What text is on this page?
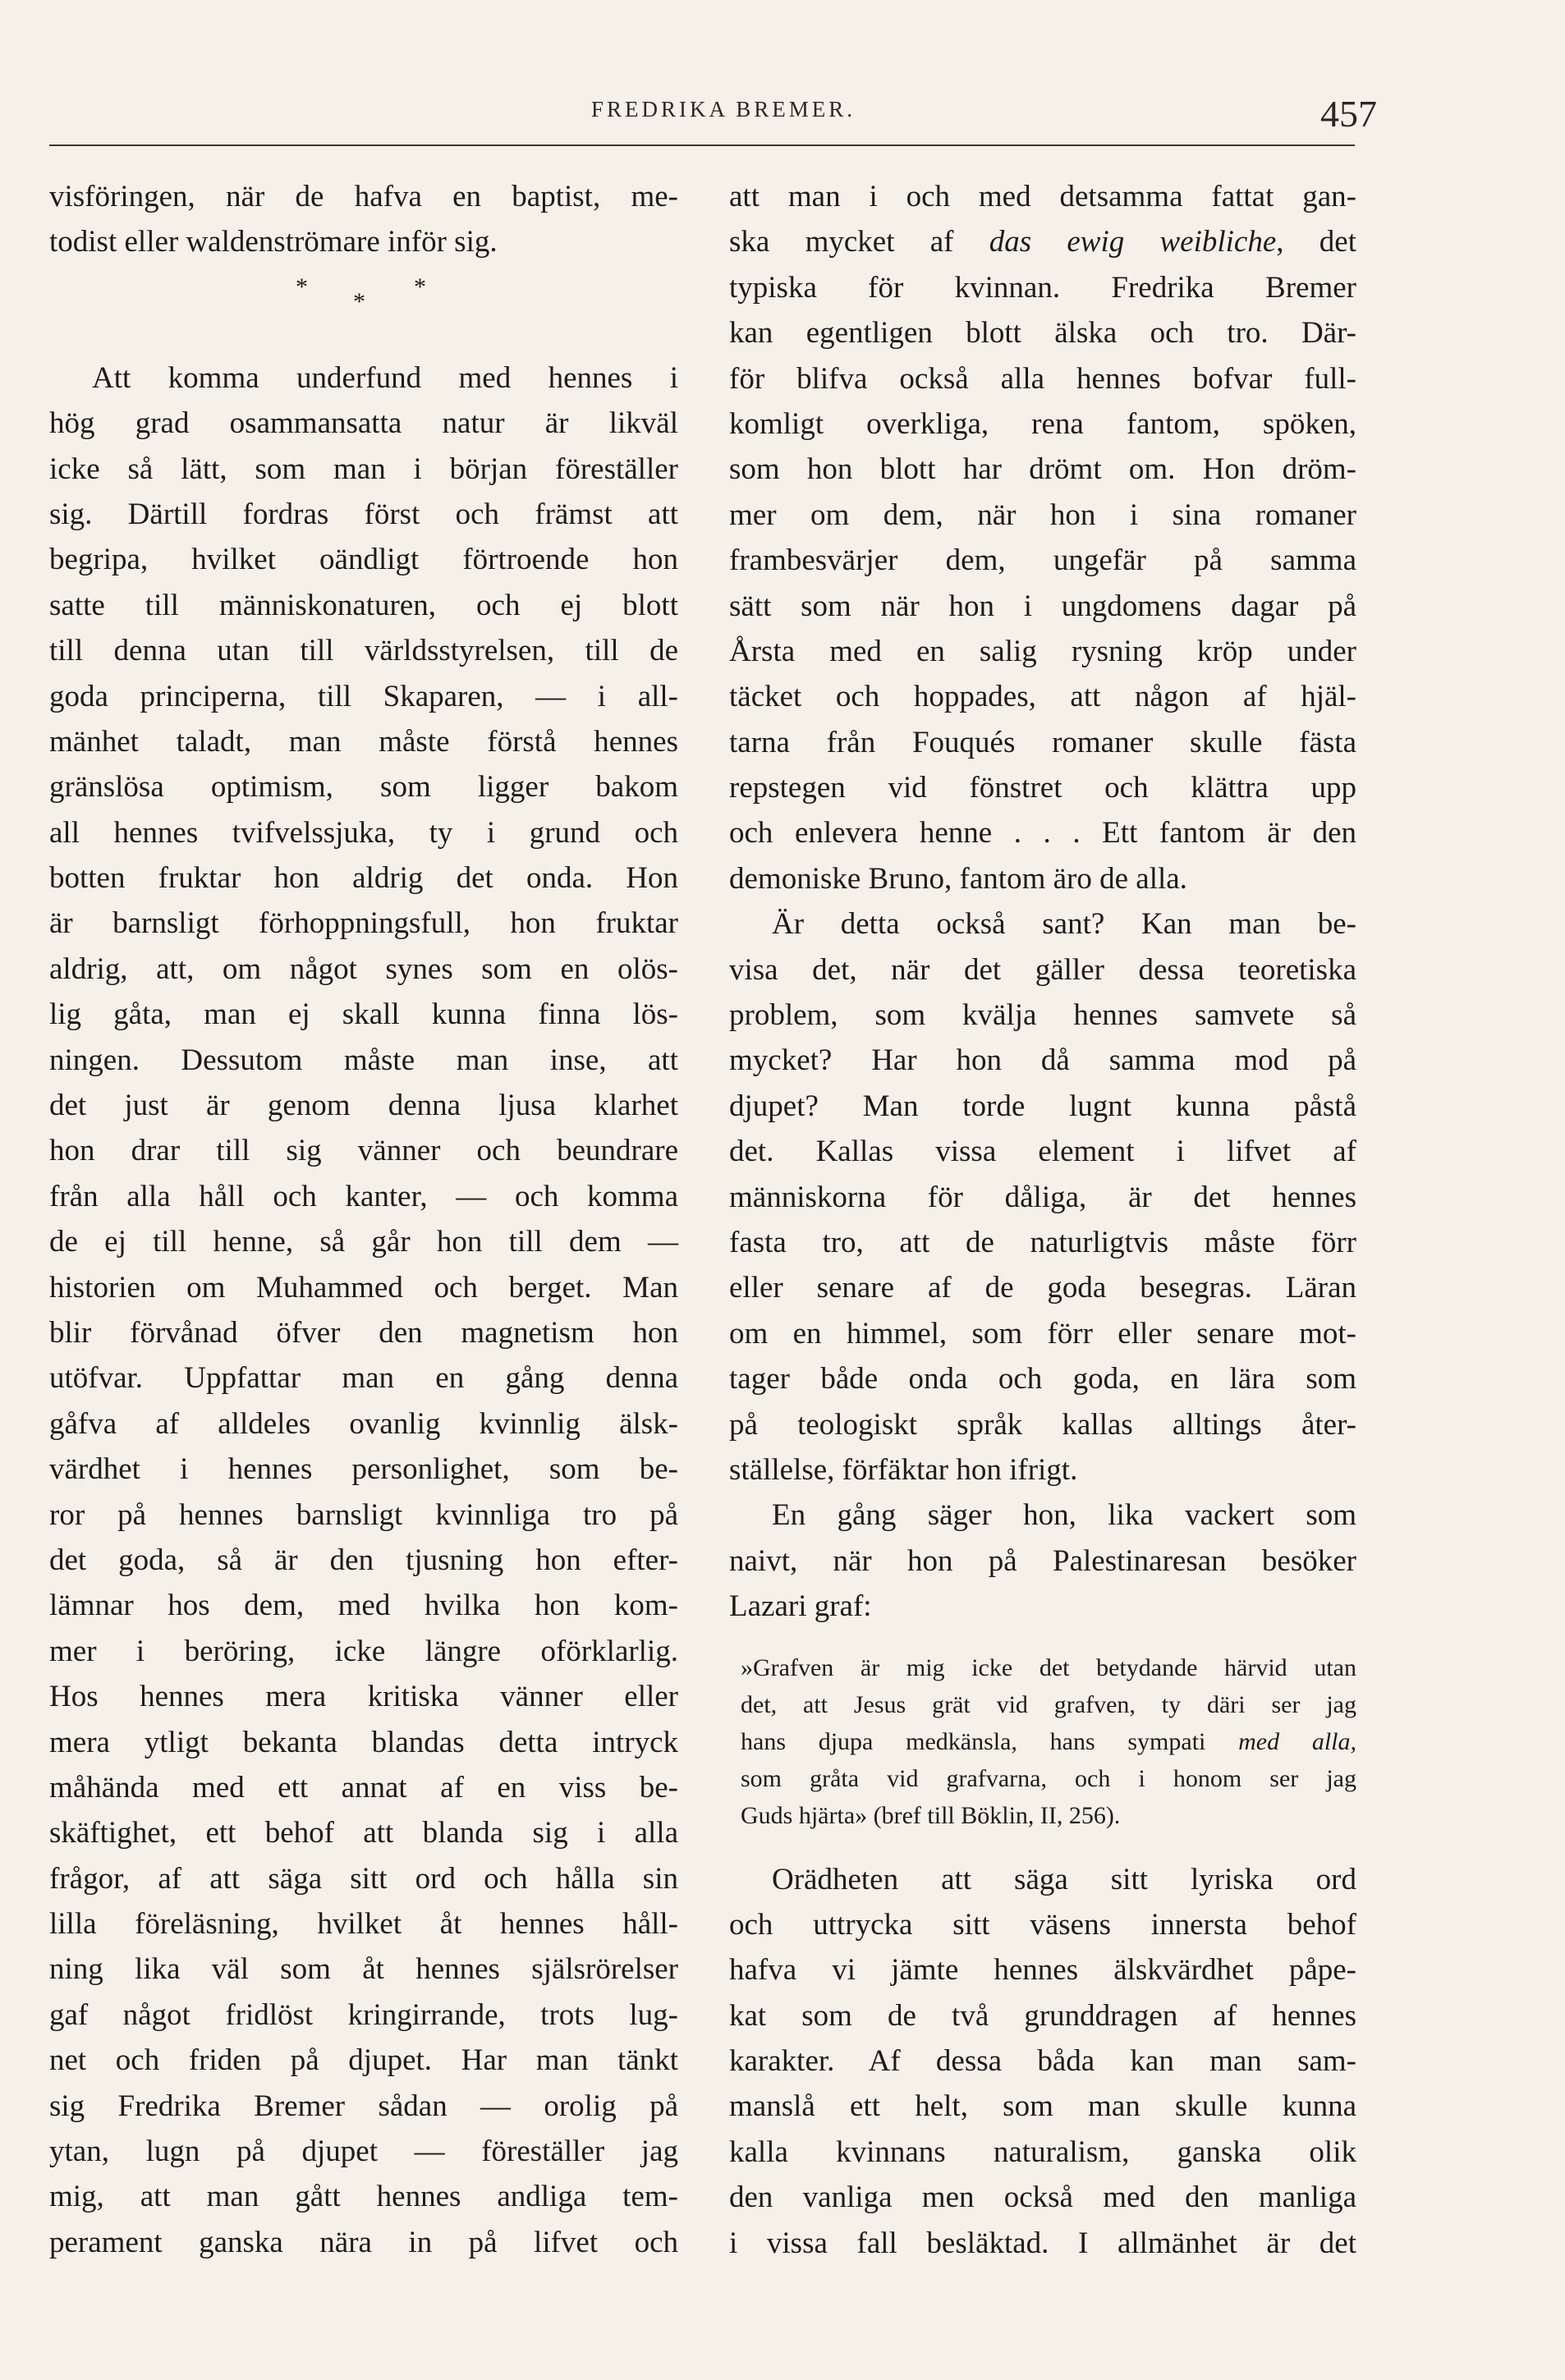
FREDRIKA BREMER.	457
visföringen, när de hafva en baptist, me-
todist eller waldenströmare inför sig.
*
*
*
Att komma underfund med hennes i
hög grad osammansatta natur är likväl
icke så lätt, som man i början föreställer
sig. Därtill fordras först och främst att
begripa, hvilket oändligt förtroende hon
satte till människonaturen, och ej blott
till denna utan till världsstyrelsen, till de
goda principerna, till Skaparen, — i all-
mänhet taladt, man måste förstå hennes
gränslösa optimism, som ligger bakom
all hennes tvifvelssjuka, ty i grund och
botten fruktar hon aldrig det onda. Hon
är barnsligt förhoppningsfull, hon fruktar
aldrig, att, om något synes som en olös-
lig gåta, man ej skall kunna finna lös-
ningen. Dessutom måste man inse, att
det just är genom denna ljusa klarhet
hon drar till sig vänner och beundrare
från alla håll och kanter, — och komma
de ej till henne, så går hon till dem —
historien om Muhammed och berget. Man
blir förvånad öfver den magnetism hon
utöfvar. Uppfattar man en gång denna
gåfva af alldeles ovanlig kvinnlig älsk-
värdhet i hennes personlighet, som be-
ror på hennes barnsligt kvinnliga tro på
det goda, så är den tjusning hon efter-
lämnar hos dem, med hvilka hon kom-
mer i beröring, icke längre oförklarlig.
Hos hennes mera kritiska vänner eller
mera ytligt bekanta blandas detta intryck
måhända med ett annat af en viss be-
skäftighet, ett behof att blanda sig i alla
frågor, af att säga sitt ord och hålla sin
lilla föreläsning, hvilket åt hennes håll-
ning lika väl som åt hennes själsrörelser
gaf något fridlöst kringirrande, trots lug-
net och friden på djupet. Har man tänkt
sig Fredrika Bremer sådan — orolig på
ytan, lugn på djupet — föreställer jag
mig, att man gått hennes andliga tem-
perament ganska nära in på lifvet och
att man i och med detsamma fattat gan-
ska mycket af das ewig weibliche, det
typiska för kvinnan. Fredrika Bremer
kan egentligen blott älska och tro. Där-
för blifva också alla hennes bofvar full-
komligt overkliga, rena fantom, spöken,
som hon blott har drömt om. Hon dröm-
mer om dem, när hon i sina romaner
frambesvärjer dem, ungefär på samma
sätt som när hon i ungdomens dagar på
Årsta med en salig rysning kröp under
täcket och hoppades, att någon af hjäl-
tarna från Fouqués romaner skulle fästa
repstegen vid fönstret och klättra upp
och enlevera henne . . . Ett fantom är den
demoniske Bruno, fantom äro de alla.
Är detta också sant? Kan man be-
visa det, när det gäller dessa teoretiska
problem, som kvälja hennes samvete så
mycket? Har hon då samma mod på
djupet? Man torde lugnt kunna påstå
det. Kallas vissa element i lifvet af
människorna för dåliga, är det hennes
fasta tro, att de naturligtvis måste förr
eller senare af de goda besegras. Läran
om en himmel, som förr eller senare mot-
tager både onda och goda, en lära som
på teologiskt språk kallas alltings åter-
ställelse, förfäktar hon ifrigt.
En gång säger hon, lika vackert som
naivt, när hon på Palestinaresan besöker
Lazari graf:
»Grafven är mig icke det betydande härvid utan
det, att Jesus grät vid grafven, ty däri ser jag
hans djupa medkänsla, hans sympati med alla,
som gråta vid grafvarna, och i honom ser jag
Guds hjärta» (bref till Böklin, II, 256).
Orädheten att säga sitt lyriska ord
och uttrycka sitt väsens innersta behof
hafva vi jämte hennes älskvärdhet påpe-
kat som de två grunddragen af hennes
karakter. Af dessa båda kan man sam-
manslå ett helt, som man skulle kunna
kalla kvinnans naturalism, ganska olik
den vanliga men också med den manliga
i vissa fall besläktad. I allmänhet är det
